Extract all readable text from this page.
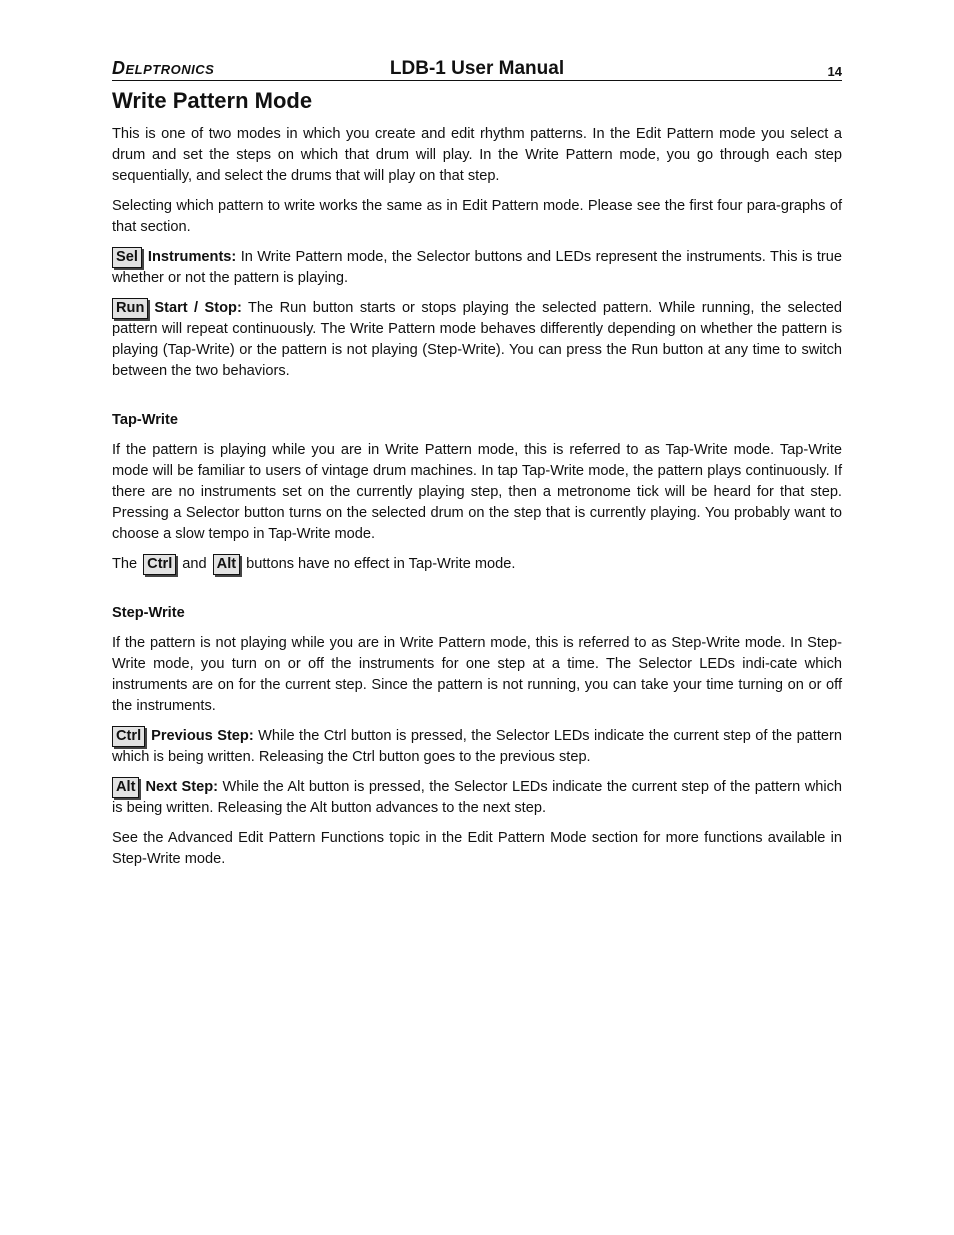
DELPTRONICS	LDB-1 User Manual	14
Write Pattern Mode

This is one of two modes in which you create and edit rhythm patterns. In the Edit Pattern mode you select a drum and set the steps on which that drum will play. In the Write Pattern mode, you go through each step sequentially, and select the drums that will play on that step.

Selecting which pattern to write works the same as in Edit Pattern mode. Please see the first four para-graphs of that section.

Sel Instruments: In Write Pattern mode, the Selector buttons and LEDs represent the instruments. This is true whether or not the pattern is playing.

Run Start / Stop: The Run button starts or stops playing the selected pattern. While running, the selected pattern will repeat continuously. The Write Pattern mode behaves differently depending on whether the pattern is playing (Tap-Write) or the pattern is not playing (Step-Write). You can press the Run button at any time to switch between the two behaviors.

Tap-Write

If the pattern is playing while you are in Write Pattern mode, this is referred to as Tap-Write mode. Tap-Write mode will be familiar to users of vintage drum machines. In tap Tap-Write mode, the pattern plays continuously. If there are no instruments set on the currently playing step, then a metronome tick will be heard for that step. Pressing a Selector button turns on the selected drum on the step that is currently playing. You probably want to choose a slow tempo in Tap-Write mode.

The Ctrl and Alt buttons have no effect in Tap-Write mode.

Step-Write

If the pattern is not playing while you are in Write Pattern mode, this is referred to as Step-Write mode. In Step-Write mode, you turn on or off the instruments for one step at a time. The Selector LEDs indi-cate which instruments are on for the current step. Since the pattern is not running, you can take your time turning on or off the instruments.

Ctrl Previous Step: While the Ctrl button is pressed, the Selector LEDs indicate the current step of the pattern which is being written. Releasing the Ctrl button goes to the previous step.

Alt Next Step: While the Alt button is pressed, the Selector LEDs indicate the current step of the pattern which is being written. Releasing the Alt button advances to the next step.

See the Advanced Edit Pattern Functions topic in the Edit Pattern Mode section for more functions available in Step-Write mode.
